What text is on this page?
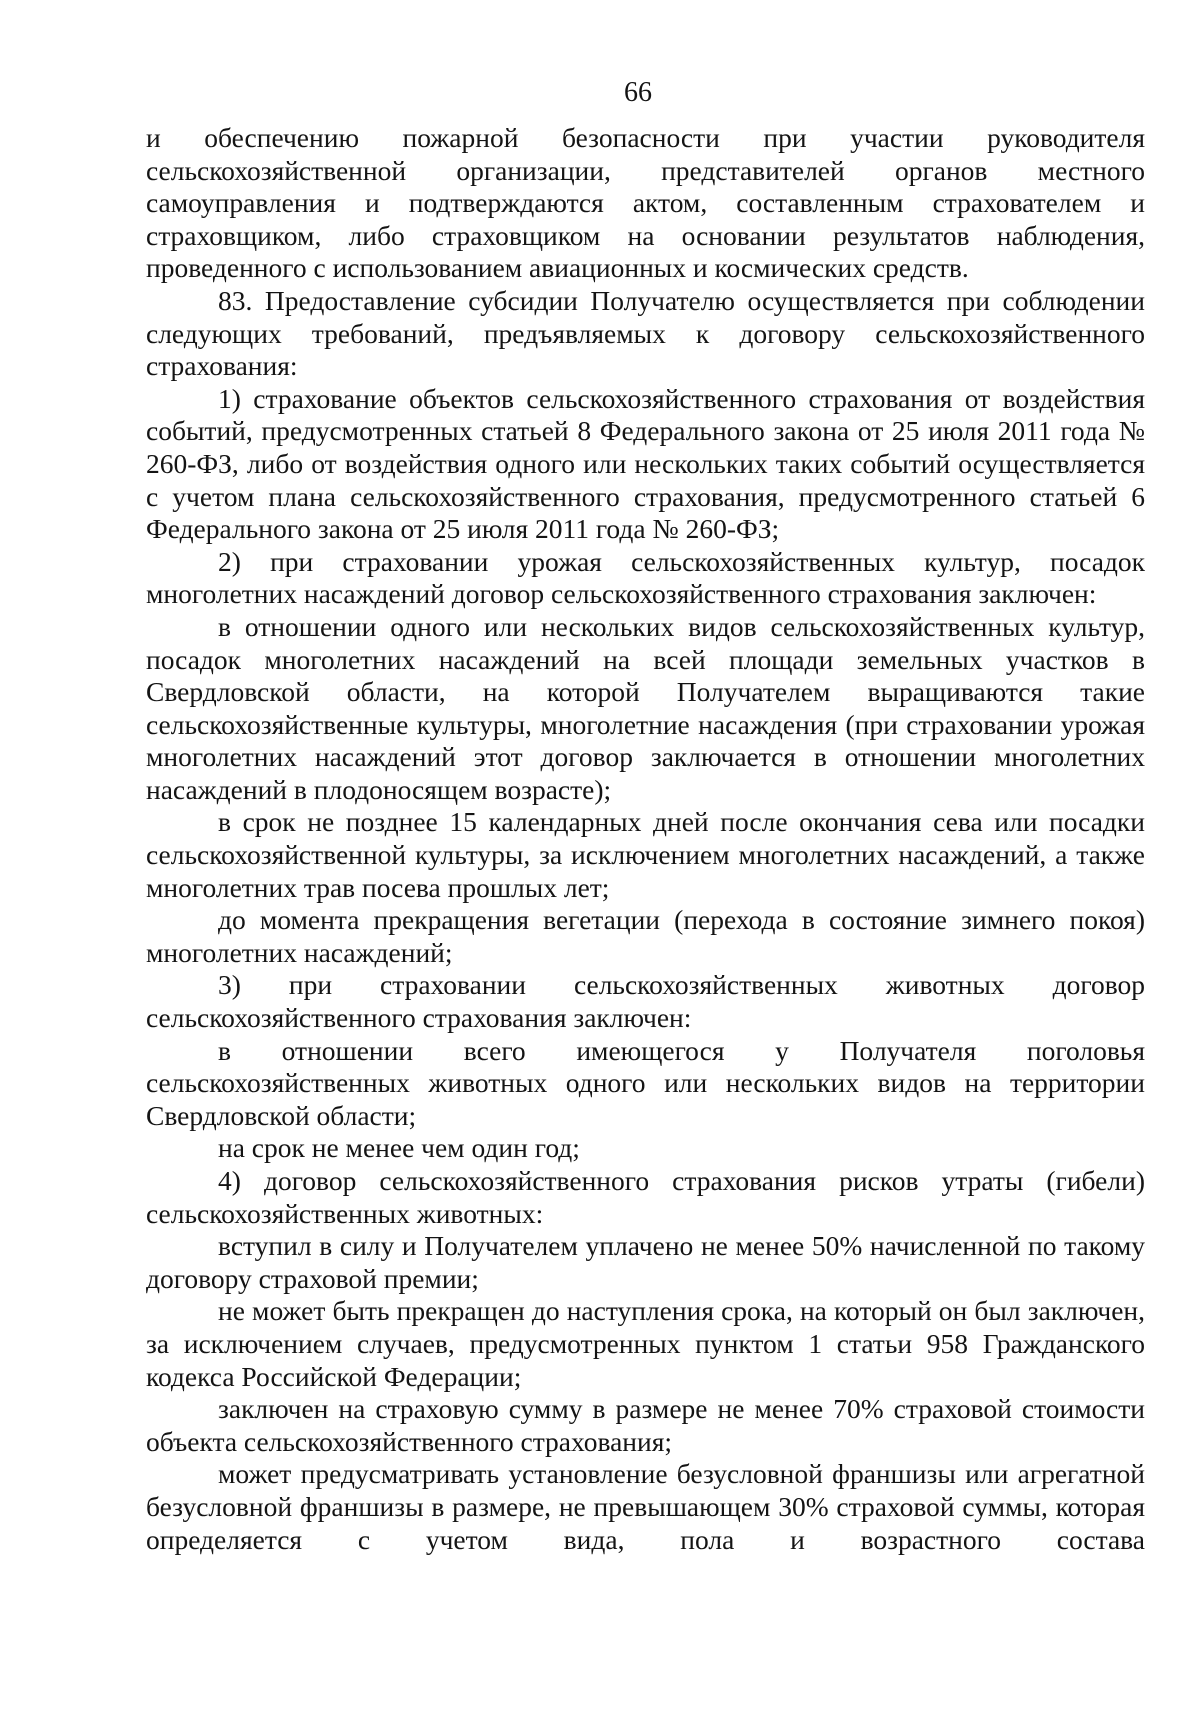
66

и обеспечению пожарной безопасности при участии руководителя сельскохозяйственной организации, представителей органов местного самоуправления и подтверждаются актом, составленным страхователем и страховщиком, либо страховщиком на основании результатов наблюдения, проведенного с использованием авиационных и космических средств.

83. Предоставление субсидии Получателю осуществляется при соблюдении следующих требований, предъявляемых к договору сельскохозяйственного страхования:

1) страхование объектов сельскохозяйственного страхования от воздействия событий, предусмотренных статьей 8 Федерального закона от 25 июля 2011 года № 260-ФЗ, либо от воздействия одного или нескольких таких событий осуществляется с учетом плана сельскохозяйственного страхования, предусмотренного статьей 6 Федерального закона от 25 июля 2011 года № 260-ФЗ;

2) при страховании урожая сельскохозяйственных культур, посадок многолетних насаждений договор сельскохозяйственного страхования заключен:

в отношении одного или нескольких видов сельскохозяйственных культур, посадок многолетних насаждений на всей площади земельных участков в Свердловской области, на которой Получателем выращиваются такие сельскохозяйственные культуры, многолетние насаждения (при страховании урожая многолетних насаждений этот договор заключается в отношении многолетних насаждений в плодоносящем возрасте);

в срок не позднее 15 календарных дней после окончания сева или посадки сельскохозяйственной культуры, за исключением многолетних насаждений, а также многолетних трав посева прошлых лет;

до момента прекращения вегетации (перехода в состояние зимнего покоя) многолетних насаждений;

3) при страховании сельскохозяйственных животных договор сельскохозяйственного страхования заключен:

в отношении всего имеющегося у Получателя поголовья сельскохозяйственных животных одного или нескольких видов на территории Свердловской области;

на срок не менее чем один год;

4) договор сельскохозяйственного страхования рисков утраты (гибели) сельскохозяйственных животных:

вступил в силу и Получателем уплачено не менее 50% начисленной по такому договору страховой премии;

не может быть прекращен до наступления срока, на который он был заключен, за исключением случаев, предусмотренных пунктом 1 статьи 958 Гражданского кодекса Российской Федерации;

заключен на страховую сумму в размере не менее 70% страховой стоимости объекта сельскохозяйственного страхования;

может предусматривать установление безусловной франшизы или агрегатной безусловной франшизы в размере, не превышающем 30% страховой суммы, которая определяется с учетом вида, пола и возрастного состава
